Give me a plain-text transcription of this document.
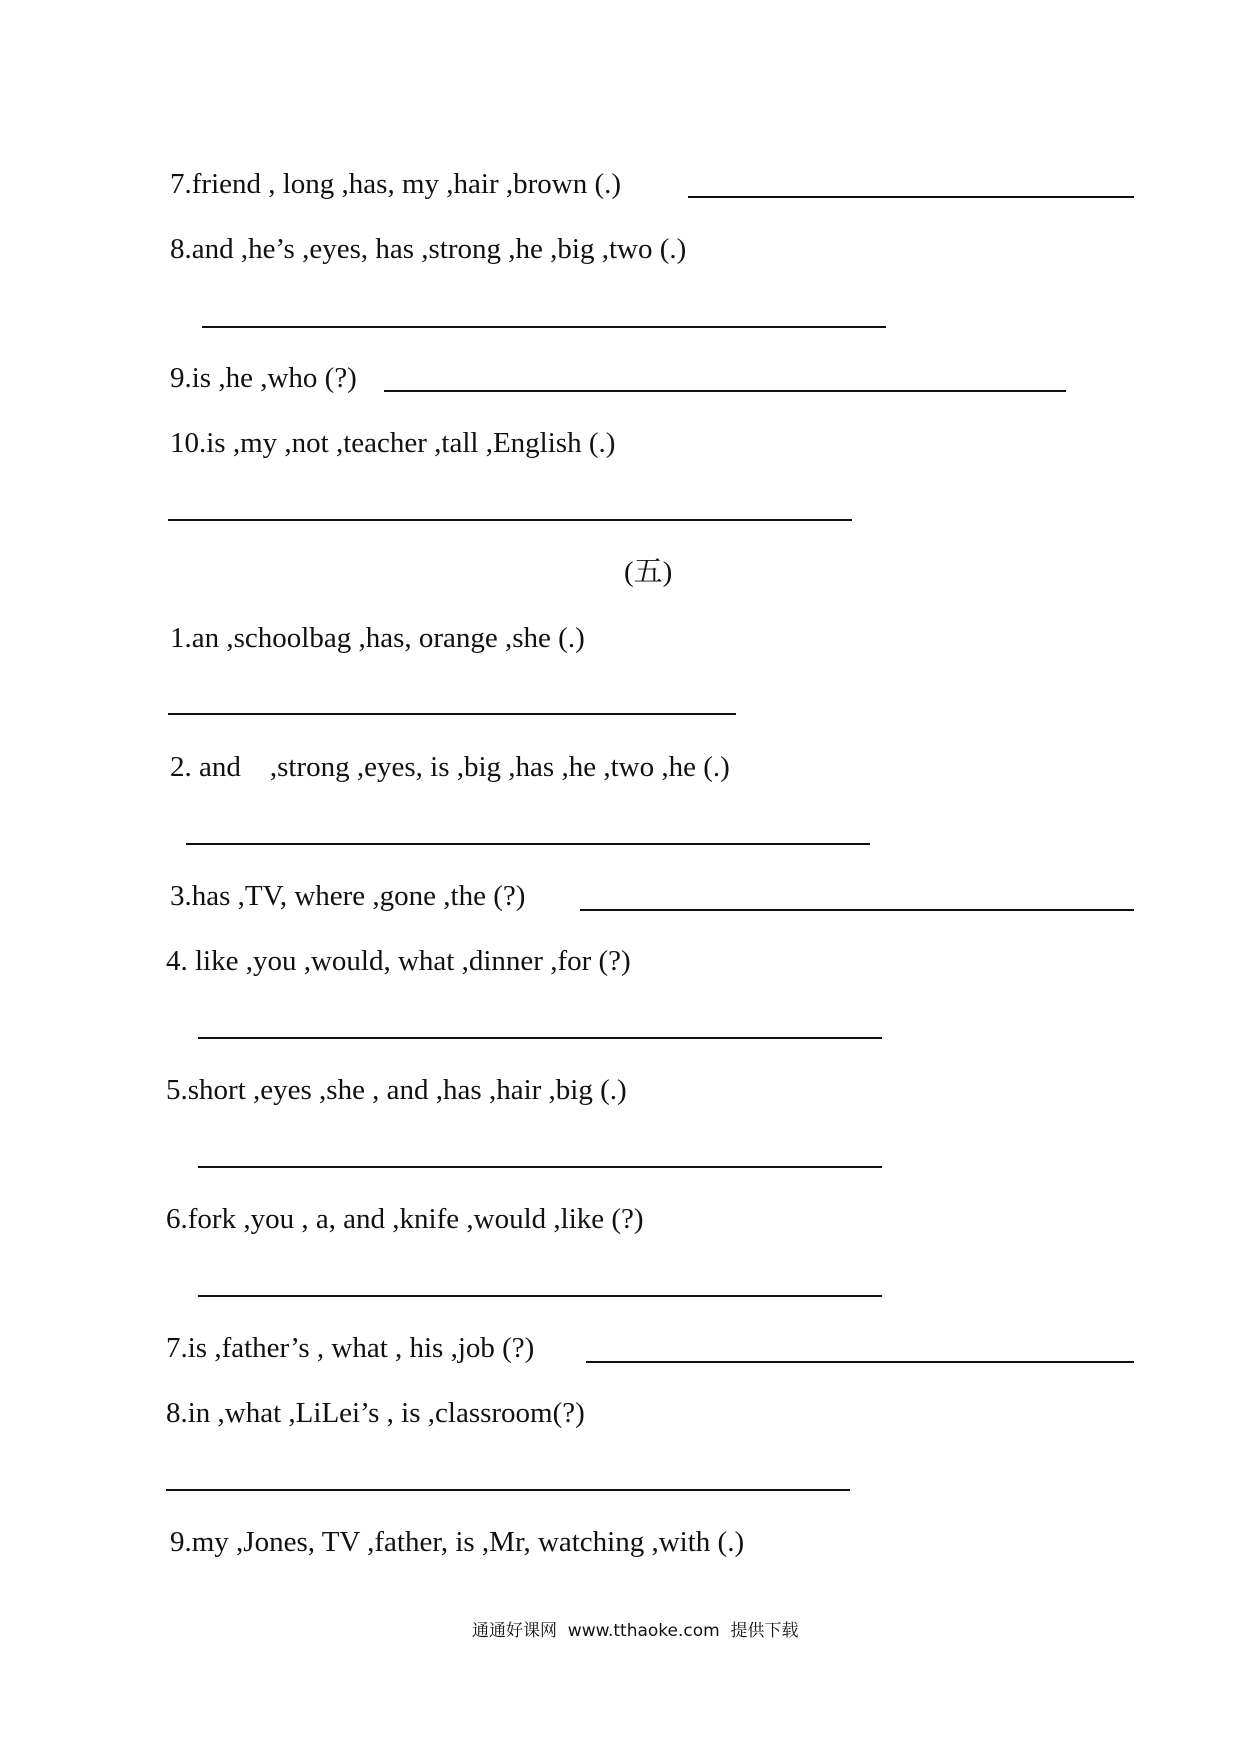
7.friend , long ,has, my ,hair ,brown (.)
8.and ,he’s ,eyes, has ,strong ,he ,big ,two (.)
9.is ,he ,who (?)
10.is ,my ,not ,teacher ,tall ,English (.)
(五)
1.an ,schoolbag ,has, orange ,she (.)
2. and    ,strong ,eyes, is ,big ,has ,he ,two ,he (.)
3.has ,TV, where ,gone ,the (?)
4. like ,you ,would, what ,dinner ,for (?)
5.short ,eyes ,she , and ,has ,hair ,big (.)
6.fork ,you , a, and ,knife ,would ,like (?)
7.is ,father’s , what , his ,job (?)
8.in ,what ,LiLei’s , is ,classroom(?)
9.my ,Jones, TV ,father, is ,Mr, watching ,with (.)
通通好课网  www.tthaoke.com  提供下载
